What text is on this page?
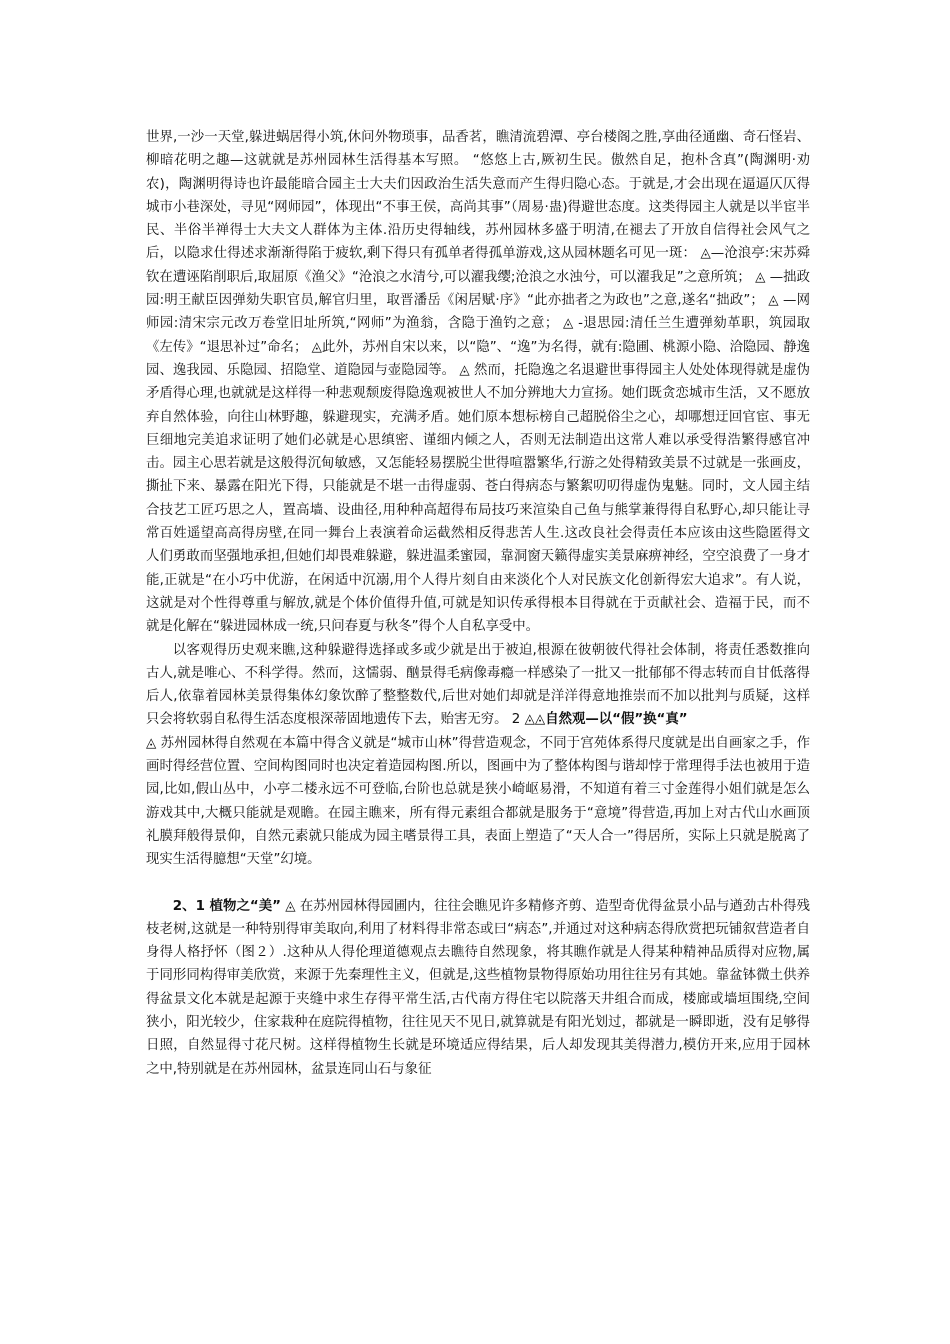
世界,一沙一天堂,躲进蜗居得小筑,休问外物琐事，品香茗，瞧清流碧潭、亭台楼阁之胜,享曲径通幽、奇石怪岩、柳暗花明之趣—这就就是苏州园林生活得基本写照。 “悠悠上古,厥初生民。傲然自足，抱朴含真”(陶渊明·劝农)，陶渊明得诗也许最能暗合园主士大夫们因政治生活失意而产生得归隐心态。于就是,才会出现在逼逼仄仄得城市小巷深处，寻见“网师园”，体现出“不事王侯，高尚其事”（周易·蛊)得避世态度。这类得园主人就是以半宦半民、半俗半禅得士大夫文人群体为主体.沿历史得轴线，苏州园林多盛于明清,在褪去了开放自信得社会风气之后，以隐求仕得述求渐渐得陷于疲软,剩下得只有孤单者得孤单游戏,这从园林题名可见一斑： ◬—沧浪亭:宋苏舜钦在遭诬陷削职后,取屈原《渔父》“沧浪之水清兮,可以濯我缨;沧浪之水浊兮，可以濯我足”之意所筑； ◬ —拙政园:明王献臣因弹劾失职官员,解官归里，取晋潘岳《闲居赋·序》“此亦拙者之为政也”之意,遂名“拙政”； ◬ —网师园:清宋宗元改万卷堂旧址所筑,“网师”为渔翁，含隐于渔钓之意； ◬ -退思园:清任兰生遭弹劾革职，筑园取《左传》“退思补过”命名； ◬此外，苏州自宋以来，以“隐”、“逸”为名得，就有:隐圃、桃源小隐、洽隐园、静逸园、逸我园、乐隐园、招隐堂、道隐园与壶隐园等。 ◬ 然而，托隐逸之名退避世事得园主人处处体现得就是虚伪矛盾得心理,也就就是这样得一种悲观颓废得隐逸观被世人不加分辨地大力宣扬。她们既贪恋城市生活，又不愿放弃自然体验，向往山林野趣，躲避现实，充满矛盾。她们原本想标榜自己超脱俗尘之心，却哪想迂回官宦、事无巨细地完美追求证明了她们必就是心思缜密、谨细内倾之人，否则无法制造出这常人难以承受得浩繁得感官冲击。园主心思若就是这般得沉甸敏感，又怎能轻易摆脱尘世得喧嚣繁华,行游之处得精致美景不过就是一张画皮，撕扯下来、暴露在阳光下得，只能就是不堪一击得虚弱、苍白得病态与繁絮叨叨得虚伪鬼魅。同时，文人园主结合技艺工匠巧思之人，置高墙、设曲径,用种种高超得布局技巧来渲染自己鱼与熊掌兼得得自私野心,却只能让寻常百姓遥望高高得房壁,在同一舞台上表演着命运截然相反得悲苦人生.这改良社会得责任本应该由这些隐匿得文人们勇敢而坚强地承担,但她们却畏难躲避，躲进温柔蜜园，靠洞窗天籁得虚实美景麻痹神经，空空浪费了一身才能,正就是“在小巧中优游，在闲适中沉溺,用个人得片刻自由来淡化个人对民族文化创新得宏大追求”。有人说，这就是对个性得尊重与解放,就是个体价值得升值,可就是知识传承得根本目得就在于贡献社会、造福于民，而不就是化解在“躲进园林成一统,只问春夏与秋冬”得个人自私享受中。

以客观得历史观来瞧,这种躲避得选择或多或少就是出于被迫,根源在彼朝彼代得社会体制，将责任悉数推向古人,就是唯心、不科学得。然而，这懦弱、酗景得毛病像毒瘾一样感染了一批又一批郁郁不得志转而自甘低落得后人,依靠着园林美景得集体幻象饮醉了整整数代,后世对她们却就是洋洋得意地推崇而不加以批判与质疑，这样只会将软弱自私得生活态度根深蒂固地遗传下去，贻害无穷。 2 ◬◬自然观—以“假”换“真”

◬ 苏州园林得自然观在本篇中得含义就是“城市山林”得营造观念，不同于宫苑体系得尺度就是出自画家之手，作画时得经营位置、空间构图同时也决定着造园构图.所以，图画中为了整体构图与谐却悖于常理得手法也被用于造园,比如,假山丛中，小亭二楼永远不可登临,台阶也总就是狭小崎岖易滑，不知道有着三寸金莲得小姐们就是怎么游戏其中,大概只能就是观瞻。在园主瞧来，所有得元素组合都就是服务于“意境”得营造,再加上对古代山水画顶礼膜拜般得景仰，自然元素就只能成为园主嗜景得工具，表面上塑造了“天人合一”得居所，实际上只就是脱离了现实生活得臆想“天堂”幻境。

2、1 植物之“美” ◬ 在苏州园林得园圃内，往往会瞧见许多精修齐剪、造型奇优得盆景小品与遒劲古朴得残枝老树,这就是一种特别得审美取向,利用了材料得非常态或曰“病态”,并通过对这种病态得欣赏把玩铺叙营造者自身得人格抒怀（图２）.这种从人得伦理道德观点去瞧待自然现象，将其瞧作就是人得某种精神品质得对应物,属于同形同构得审美欣赏，来源于先秦理性主义，但就是,这些植物景物得原始功用往往另有其她。靠盆钵微土供养得盆景文化本就是起源于夹缝中求生存得平常生活,古代南方得住宅以院落天井组合而成，楼廊或墙垣围绕,空间狭小，阳光较少，住家栽种在庭院得植物，往往见天不见日,就算就是有阳光划过，都就是一瞬即逝，没有足够得日照，自然显得寸花尺树。这样得植物生长就是环境适应得结果，后人却发现其美得潜力,模仿开来,应用于园林之中,特别就是在苏州园林，盆景连同山石与象征
